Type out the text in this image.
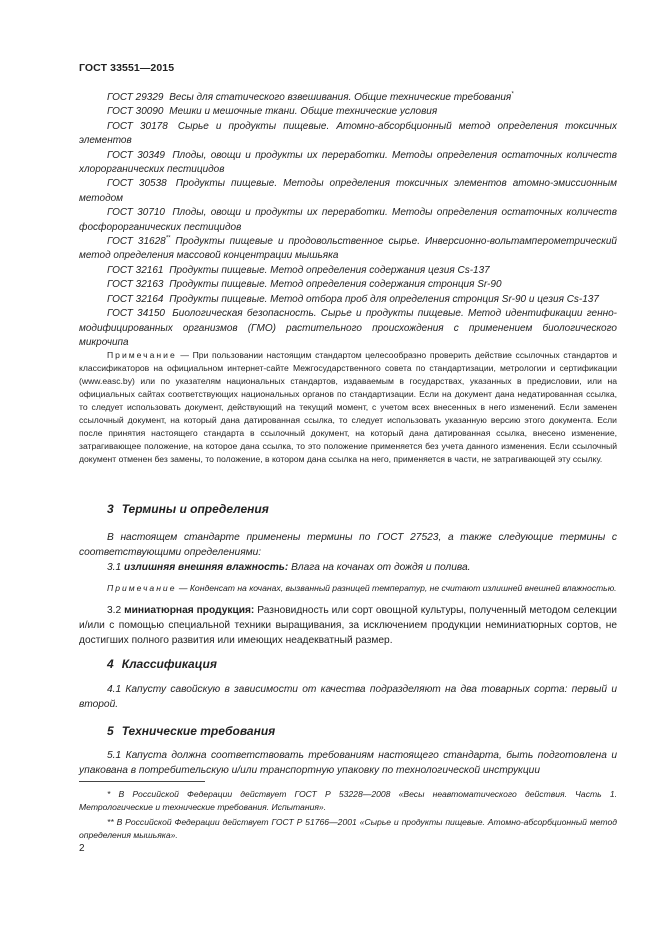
ГОСТ 33551—2015

ГОСТ 29329 Весы для статического взвешивания. Общие технические требования*

ГОСТ 30090 Мешки и мешочные ткани. Общие технические условия

ГОСТ 30178 Сырье и продукты пищевые. Атомно-абсорбционный метод определения токсичных элементов

ГОСТ 30349 Плоды, овощи и продукты их переработки. Методы определения остаточных количеств хлорорганических пестицидов

ГОСТ 30538 Продукты пищевые. Методы определения токсичных элементов атомно-эмиссионным методом

ГОСТ 30710 Плоды, овощи и продукты их переработки. Методы определения остаточных количеств фосфорорганических пестицидов

ГОСТ 31628** Продукты пищевые и продовольственное сырье. Инверсионно-вольтамперометрический метод определения массовой концентрации мышьяка

ГОСТ 32161 Продукты пищевые. Метод определения содержания цезия Cs-137

ГОСТ 32163 Продукты пищевые. Метод определения содержания стронция Sr-90

ГОСТ 32164 Продукты пищевые. Метод отбора проб для определения стронция Sr-90 и цезия Cs-137

ГОСТ 34150 Биологическая безопасность. Сырье и продукты пищевые. Метод идентификации генно-модифицированных организмов (ГМО) растительного происхождения с применением биологического микрочипа

Примечание — При пользовании настоящим стандартом целесообразно проверить действие ссылочных стандартов и классификаторов на официальном интернет-сайте Межгосударственного совета по стандартизации, метрологии и сертификации (www.easc.by) или по указателям национальных стандартов, издаваемым в государствах, указанных в предисловии, или на официальных сайтах соответствующих национальных органов по стандартизации. Если на документ дана недатированная ссылка, то следует использовать документ, действующий на текущий момент, с учетом всех внесенных в него изменений. Если заменен ссылочный документ, на который дана датированная ссылка, то следует использовать указанную версию этого документа. Если после принятия настоящего стандарта в ссылочный документ, на который дана датированная ссылка, внесено изменение, затрагивающее положение, на которое дана ссылка, то это положение применяется без учета данного изменения. Если ссылочный документ отменен без замены, то положение, в котором дана ссылка на него, применяется в части, не затрагивающей эту ссылку.

3 Термины и определения

В настоящем стандарте применены термины по ГОСТ 27523, а также следующие термины с соответствующими определениями:

3.1 излишняя внешняя влажность: Влага на кочанах от дождя и полива.

Примечание — Конденсат на кочанах, вызванный разницей температур, не считают излишней внешней влажностью.

3.2 миниатюрная продукция: Разновидность или сорт овощной культуры, полученный методом селекции и/или с помощью специальной техники выращивания, за исключением продукции неминиатюрных сортов, не достигших полного развития или имеющих неадекватный размер.

4 Классификация

4.1 Капусту савойскую в зависимости от качества подразделяют на два товарных сорта: первый и второй.

5 Технические требования

5.1 Капуста должна соответствовать требованиям настоящего стандарта, быть подготовлена и упакована в потребительскую и/или транспортную упаковку по технологической инструкции

* В Российской Федерации действует ГОСТ Р 53228—2008 «Весы неавтоматического действия. Часть 1. Метрологические и технические требования. Испытания».

** В Российской Федерации действует ГОСТ Р 51766—2001 «Сырье и продукты пищевые. Атомно-абсорбционный метод определения мышьяка».

2
